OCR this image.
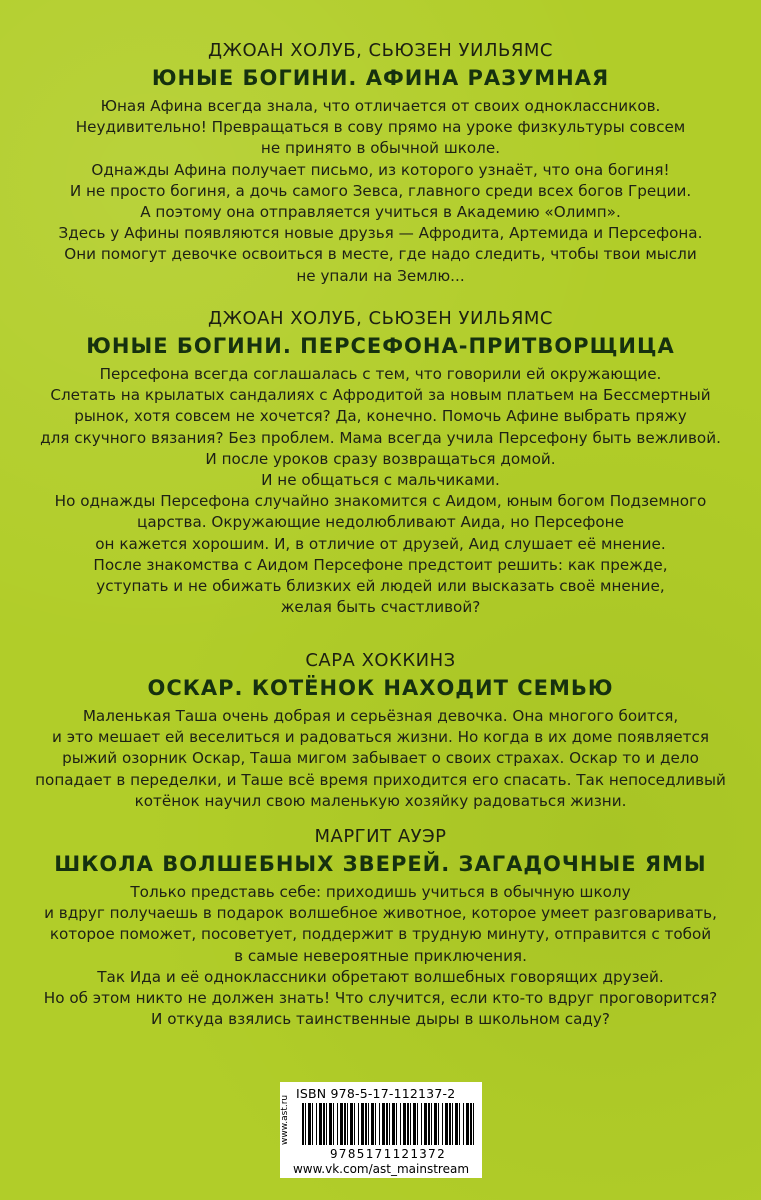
ДЖОАН ХОЛУБ, СЬЮЗЕН УИЛЬЯМС
ЮНЫЕ БОГИНИ. АФИНА РАЗУМНАЯ
Юная Афина всегда знала, что отличается от своих одноклассников.
Неудивительно! Превращаться в сову прямо на уроке физкультуры совсем
не принято в обычной школе.
Однажды Афина получает письмо, из которого узнаёт, что она богиня!
И не просто богиня, а дочь самого Зевса, главного среди всех богов Греции.
А поэтому она отправляется учиться в Академию «Олимп».
Здесь у Афины появляются новые друзья — Афродита, Артемида и Персефона.
Они помогут девочке освоиться в месте, где надо следить, чтобы твои мысли
не упали на Землю...
ДЖОАН ХОЛУБ, СЬЮЗЕН УИЛЬЯМС
ЮНЫЕ БОГИНИ. ПЕРСЕФОНА-ПРИТВОРЩИЦА
Персефона всегда соглашалась с тем, что говорили ей окружающие.
Слетать на крылатых сандалиях с Афродитой за новым платьем на Бессмертный
рынок, хотя совсем не хочется? Да, конечно. Помочь Афине выбрать пряжу
для скучного вязания? Без проблем. Мама всегда учила Персефону быть вежливой.
И после уроков сразу возвращаться домой.
И не общаться с мальчиками.
Но однажды Персефона случайно знакомится с Аидом, юным богом Подземного
царства. Окружающие недолюбливают Аида, но Персефоне
он кажется хорошим. И, в отличие от друзей, Аид слушает её мнение.
После знакомства с Аидом Персефоне предстоит решить: как прежде,
уступать и не обижать близких ей людей или высказать своё мнение,
желая быть счастливой?
САРА ХОККИНЗ
ОСКАР. КОТЁНОК НАХОДИТ СЕМЬЮ
Маленькая Таша очень добрая и серьёзная девочка. Она многого боится,
и это мешает ей веселиться и радоваться жизни. Но когда в их доме появляется
рыжий озорник Оскар, Таша мигом забывает о своих страхах. Оскар то и дело
попадает в переделки, и Таше всё время приходится его спасать. Так непоседливый
котёнок научил свою маленькую хозяйку радоваться жизни.
МАРГИТ АУЭР
ШКОЛА ВОЛШЕБНЫХ ЗВЕРЕЙ. ЗАГАДОЧНЫЕ ЯМЫ
Только представь себе: приходишь учиться в обычную школу
и вдруг получаешь в подарок волшебное животное, которое умеет разговаривать,
которое поможет, посоветует, поддержит в трудную минуту, отправится с тобой
в самые невероятные приключения.
Так Ида и её одноклассники обретают волшебных говорящих друзей.
Но об этом никто не должен знать! Что случится, если кто-то вдруг проговорится?
И откуда взялись таинственные дыры в школьном саду?
www.ast.ru
ISBN 978-5-17-112137-2
9785171121372
www.vk.com/ast_mainstream
